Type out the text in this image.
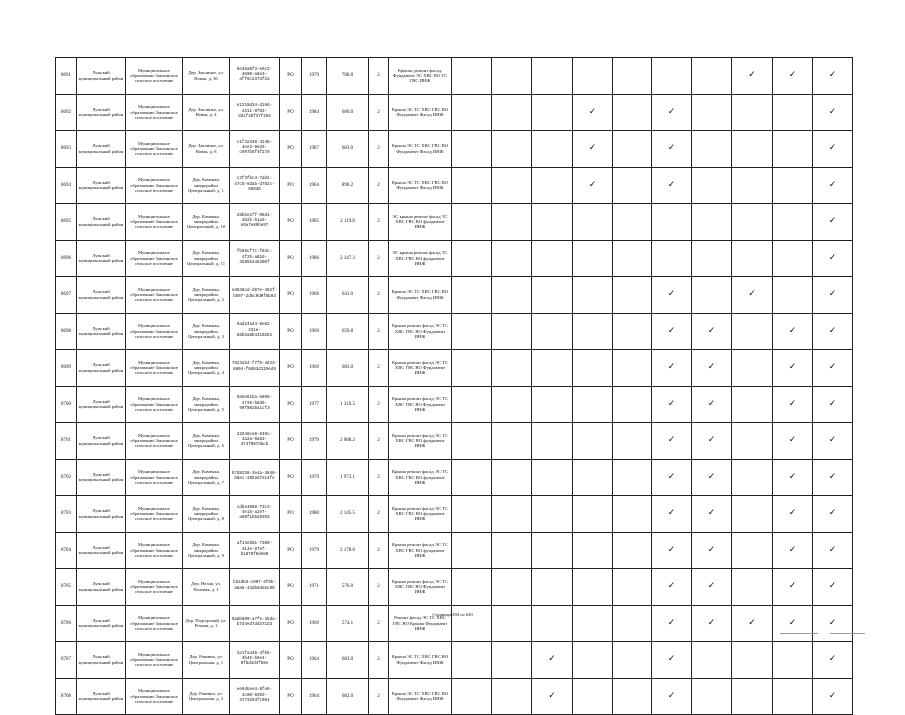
8691	Лужский муниципальный район	Муниципальное образование Заклинское сельское поселение	Дер. Заклинье, ул. Новая, д. 36	9e35a0f3-e5c2-4690-a6e3-aff6c2373f2a	РО	1979	780.0	2	Крыша, ремонт фасад, Фундамент ЭС ХВС ВО ТС ГВС ИНЖ								✓	✓	✓
8692	Лужский муниципальный район	Муниципальное образование Заклинское сельское поселение	Дер. Заклинье, ул. Новая, д. 4	e1210d34-d19d-4311-8f93-dd1f35f37f4b6	РО	1984	680.0	2	Крыша ЭС ТС ХВС ГВС ВО Фундамент Фасад ИНЖ				✓		✓				✓
8693	Лужский муниципальный район	Муниципальное образование Заклинское сельское поселение	Дер. Заклинье, ул. Новая, д. 8	c1f42446-4248-4ee3-9e26-c997b6f4f278	РО	1987	683.0	2	Крыша ЭС ТС ХВС ГВС ВО Фундамент Фасад ИНЖ				✓		✓				✓
8694	Лужский муниципальный район	Муниципальное образование Заклинское сельское поселение	Дер. Каменка, микрорайон Центральный, д. 1	c3f3fbc4-7dd1-47c5-8dab-d792c-59036	РО	1964	890.2	2	Крыша ЭС ТС ХВС ГВС ВО Фундамент Фасад ИНЖ				✓		✓				✓
8695	Лужский муниципальный район	Муниципальное образование Заклинское сельское поселение	Дер. Каменка, микрорайон Центральный, д. 10	28bbe1ff-96d1-482b-b1a3-e9a7e89be97	РО	1985	2 119.8	2	ЭС крыша ремонт фасад ТС ХВС ГВС ВО фундамент ИНЖ										✓
8696	Лужский муниципальный район	Муниципальное образование Заклинское сельское поселение	Дер. Каменка, микрорайон Центральный, д. 11	fb66cf7c-f83c-4f25-a82d-4585b445390f	РО	1986	2 147.3	2	ЭС крыша ремонт фасад ТС ХВС ГВС ВО фундамент ИНЖ										✓
8697	Лужский муниципальный район	Муниципальное образование Заклинское сельское поселение	Дер. Каменка, микрорайон Центральный, д. 2	e4846cd-d67e-462f-b597-2d5c0d0f8b83	РО	1966	641.0	2	Крыша ЭС ТС ХВС ГВС ВО Фундамент Фасад ИНЖ						✓		✓		✓
8698	Лужский муниципальный район	Муниципальное образование Заклинское сельское поселение	Дер. Каменка, микрорайон Центральный, д. 3	9ad24a44-6e82-431e-88b5a8b4410282	РО	1969	659.8	2	Крыша ремонт фасад ЭС ТС ХВС ГВС ВО Фундамент ИНЖ						✓	✓		✓	✓
8699	Лужский муниципальный район	Муниципальное образование Заклинское сельское поселение	Дер. Каменка, микрорайон Центральный, д. 4	7623ab4-f7f5-4823-8804-f0d83d119ed9	РО	1969	683.0	2	Крыша ремонт фасад ЭС ТС ХВС ГВС ВО Фундамент ИНЖ						✓	✓		✓	✓
8700	Лужский муниципальный район	Муниципальное образование Заклинское сельское поселение	Дер. Каменка, микрорайон Центральный, д. 5	9a5e81ba-b899-4726-b8d5-99f8026a1cf3	РО	1977	1 310.5	2	Крыша ремонт фасад ЭС ТС ХВС ГВС ВО Фундамент ИНЖ						✓	✓		✓	✓
8701	Лужский муниципальный район	Муниципальное образование Заклинское сельское поселение	Дер. Каменка, микрорайон Центральный, д. 6	22848ce8-849c-4a2a-9a83-374f087dacb	РО	1979	2 088.2	2	Крыша ремонт фасад ЭС ТС ХВС ГВС ВО фундамент ИНЖ						✓	✓		✓	✓
8702	Лужский муниципальный район	Муниципальное образование Заклинское сельское поселение	Дер. Каменка, микрорайон Центральный, д. 7	b7d8238-3e4a-4848-b8ec-3953d7e14fe	РО	1979	1 973.1	2	Крыша ремонт фасад ЭС ТС ХВС ГВС ВО фундамент ИНЖ						✓	✓		✓	✓
8703	Лужский муниципальный район	Муниципальное образование Заклинское сельское поселение	Дер. Каменка, микрорайон Центральный, д. 8	cdbe4088-73c3-4e15-a2e7-a98f1b5a9359	РО	1980	2 145.5	2	Крыша ремонт фасад ЭС ТС ХВС ГВС ВО фундамент ИНЖ						✓	✓		✓	✓
8704	Лужский муниципальный район	Муниципальное образование Заклинское сельское поселение	Дер. Каменка, микрорайон Центральный, д. 9	af43eb81-7380-414e-87ef-b1879f6de50	РО	1979	2 178.0	2	Крыша ремонт фасад ЭС ТС ХВС ГВС ВО фундамент ИНЖ						✓	✓		✓	✓
8705	Лужский муниципальный район	Муниципальное образование Заклинское сельское поселение	Дер. Нелаи, ул. Полевая, д. 1	b2a3b6-c007-4f0b-a6a6-44db6de5c90	РО	1971	576.0	2	Крыша ремонт фасад ЭС ТС ХВС ГВС ВО Фундамент ИНЖ						✓	✓		✓	✓
8706	Лужский муниципальный район	Муниципальное образование Заклинское сельское поселение	Дер. Подгорский, ул. Речная, д. 1	9a6b800-a7fe-45da-b7d4ed7d4b71d3	РО	1969	574.1	2	Ремонт фасад ЭС ТС ХВС ГВС ВО Крыша Фундамент ИНЖ						✓	✓	✓	✓	✓
8707	Лужский муниципальный район	Муниципальное образование Заклинское сельское поселение	Дер. Раковно, ул. Центральная, д. 1	2e1fa446-4f55-4b45-b6e4-9f5d4d4f58e	РО	1964	683.0	2	Крыша ЭС ТС ХВС ГВС ВО Фундамент Фасад ИНЖ			✓			✓				✓
8708	Лужский муниципальный район	Муниципальное образование Заклинское сельское поселение	Дер. Раковно, ул. Центральная, д. 2	ee94bee4-8fe6-4c06-8393-4773294fc064	РО	1964	682.0	2	Крыша ЭС ТС ХВС ГВС ВО Фундамент Фасад ИНЖ			✓			✓				✓
Страница 494 из 630
